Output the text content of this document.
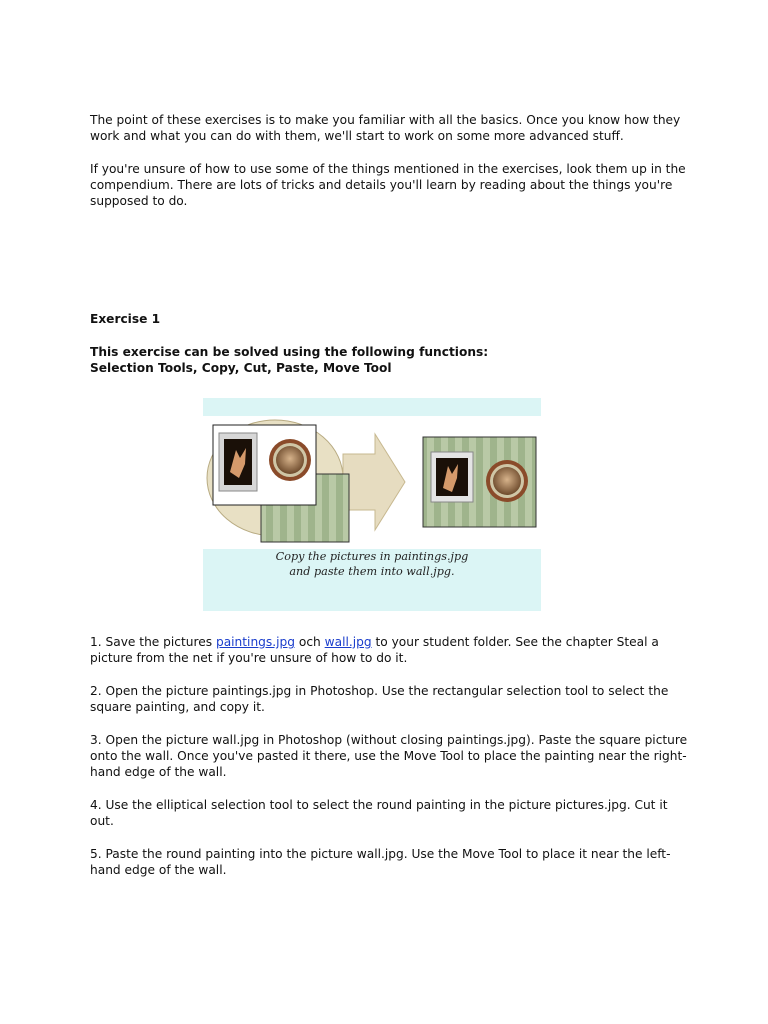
The point of these exercises is to make you familiar with all the basics. Once you know how they work and what you can do with them, we'll start to work on some more advanced stuff.

If you're unsure of how to use some of the things mentioned in the exercises, look them up in the compendium. There are lots of tricks and details you'll learn by reading about the things you're supposed to do.

Exercise 1

This exercise can be solved using the following functions:

Selection Tools, Copy, Cut, Paste, Move Tool

1. Save the pictures paintings.jpg och wall.jpg to your student folder. See the chapter Steal a picture from the net if you're unsure of how to do it.

2. Open the picture paintings.jpg in Photoshop. Use the rectangular selection tool to select the square painting, and copy it.

3. Open the picture wall.jpg in Photoshop (without closing paintings.jpg). Paste the square picture onto the wall. Once you've pasted it there, use the Move Tool to place the painting near the right-hand edge of the wall.

4. Use the elliptical selection tool to select the round painting in the picture pictures.jpg. Cut it out.

5. Paste the round painting into the picture wall.jpg. Use the Move Tool to place it near the left-hand edge of the wall.

Copy the pictures in paintings.jpg
and paste them into wall.jpg.
